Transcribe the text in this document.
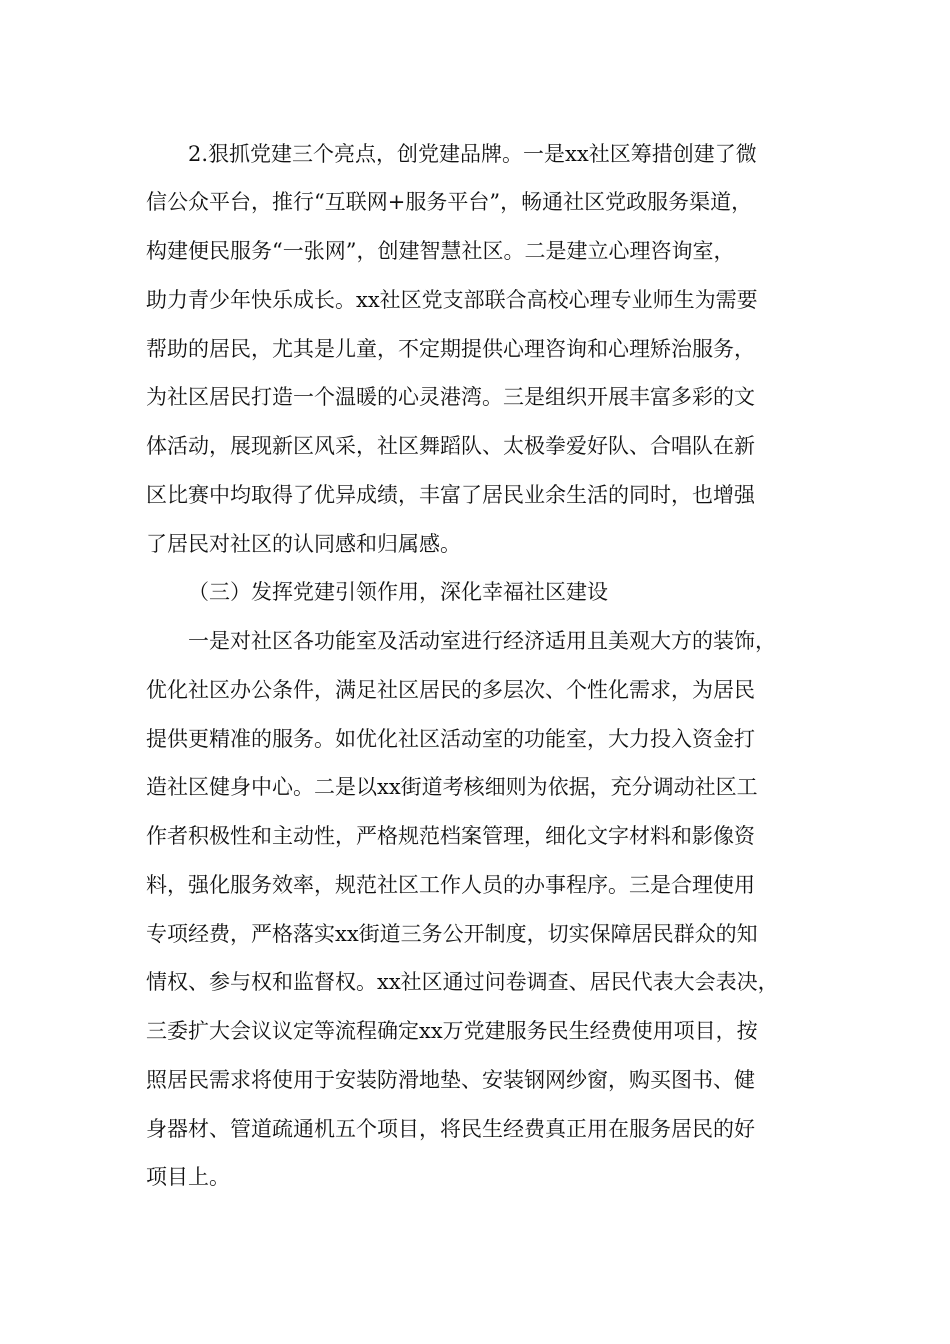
2.狠抓党建三个亮点，创党建品牌。一是xx社区筹措创建了微
信公众平台，推行“互联网+服务平台”，畅通社区党政服务渠道，
构建便民服务“一张网”，创建智慧社区。二是建立心理咨询室，
助力青少年快乐成长。xx社区党支部联合高校心理专业师生为需要
帮助的居民，尤其是儿童，不定期提供心理咨询和心理矫治服务，
为社区居民打造一个温暖的心灵港湾。三是组织开展丰富多彩的文
体活动，展现新区风采，社区舞蹈队、太极拳爱好队、合唱队在新
区比赛中均取得了优异成绩，丰富了居民业余生活的同时，也增强
了居民对社区的认同感和归属感。
（三）发挥党建引领作用，深化幸福社区建设
一是对社区各功能室及活动室进行经济适用且美观大方的装饰，
优化社区办公条件，满足社区居民的多层次、个性化需求，为居民
提供更精准的服务。如优化社区活动室的功能室，大力投入资金打
造社区健身中心。二是以xx街道考核细则为依据，充分调动社区工
作者积极性和主动性，严格规范档案管理，细化文字材料和影像资
料，强化服务效率，规范社区工作人员的办事程序。三是合理使用
专项经费，严格落实xx街道三务公开制度，切实保障居民群众的知
情权、参与权和监督权。xx社区通过问卷调查、居民代表大会表决，
三委扩大会议议定等流程确定xx万党建服务民生经费使用项目，按
照居民需求将使用于安装防滑地垫、安装钢网纱窗，购买图书、健
身器材、管道疏通机五个项目，将民生经费真正用在服务居民的好
项目上。
